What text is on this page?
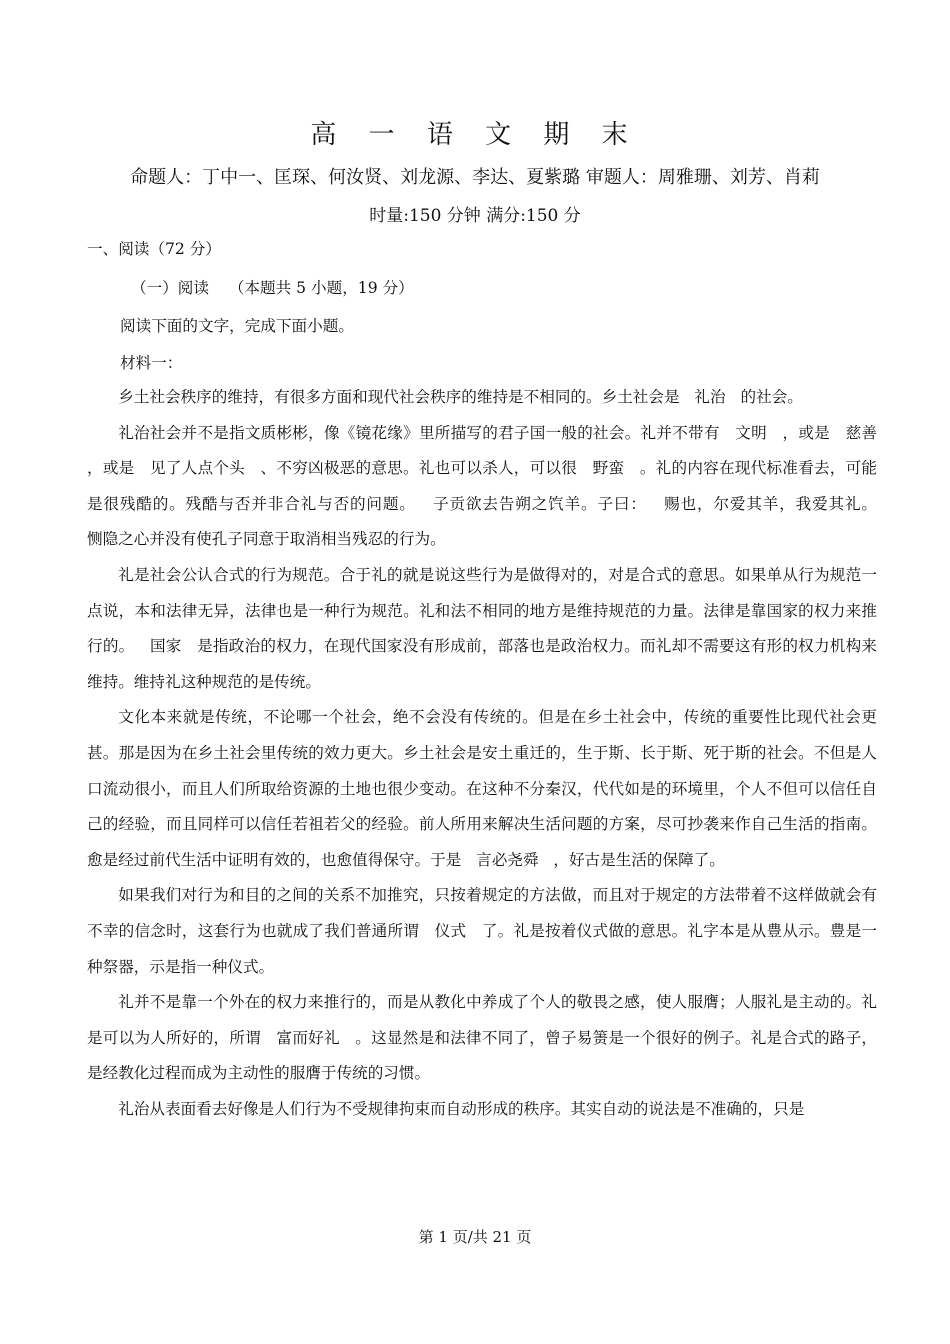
高 一 语 文 期 末
命题人：丁中一、匡琛、何汝贤、刘龙源、李达、夏紫璐 审题人：周雅珊、刘芳、肖莉
时量:150 分钟 满分:150 分
一、阅读（72 分）
（一）阅读    （本题共 5 小题，19 分）
阅读下面的文字，完成下面小题。
材料一：

乡土社会秩序的维持，有很多方面和现代社会秩序的维持是不相同的。乡土社会是   礼治   的社会。

礼治社会并不是指文质彬彬，像《镜花缘》里所描写的君子国一般的社会。礼并不带有   文明   ，或是   慈善   ，或是   见了人点个头   、不穷凶极恶的意思。礼也可以杀人，可以很   野蛮   。礼的内容在现代标准看去，可能是很残酷的。残酷与否并非合礼与否的问题。   子贡欲去告朔之饩羊。子曰：   赐也，尔爱其羊，我爱其礼。      恻隐之心并没有使孔子同意于取消相当残忍的行为。

礼是社会公认合式的行为规范。合于礼的就是说这些行为是做得对的，对是合式的意思。如果单从行为规范一点说，本和法律无异，法律也是一种行为规范。礼和法不相同的地方是维持规范的力量。法律是靠国家的权力来推行的。   国家   是指政治的权力，在现代国家没有形成前，部落也是政治权力。而礼却不需要这有形的权力机构来维持。维持礼这种规范的是传统。

文化本来就是传统，不论哪一个社会，绝不会没有传统的。但是在乡土社会中，传统的重要性比现代社会更甚。那是因为在乡土社会里传统的效力更大。乡土社会是安土重迁的，生于斯、长于斯、死于斯的社会。不但是人口流动很小，而且人们所取给资源的土地也很少变动。在这种不分秦汉，代代如是的环境里，个人不但可以信任自己的经验，而且同样可以信任若祖若父的经验。前人所用来解决生活问题的方案，尽可抄袭来作自己生活的指南。愈是经过前代生活中证明有效的，也愈值得保守。于是   言必尧舜   ，好古是生活的保障了。

如果我们对行为和目的之间的关系不加推究，只按着规定的方法做，而且对于规定的方法带着不这样做就会有不幸的信念时，这套行为也就成了我们普通所谓   仪式   了。礼是按着仪式做的意思。礼字本是从豊从示。豊是一种祭器，示是指一种仪式。

礼并不是靠一个外在的权力来推行的，而是从教化中养成了个人的敬畏之感，使人服膺；人服礼是主动的。礼是可以为人所好的，所谓   富而好礼   。这显然是和法律不同了，曾子易箦是一个很好的例子。礼是合式的路子，是经教化过程而成为主动性的服膺于传统的习惯。

礼治从表面看去好像是人们行为不受规律拘束而自动形成的秩序。其实自动的说法是不准确的，只是

第 1 页/共 21 页
